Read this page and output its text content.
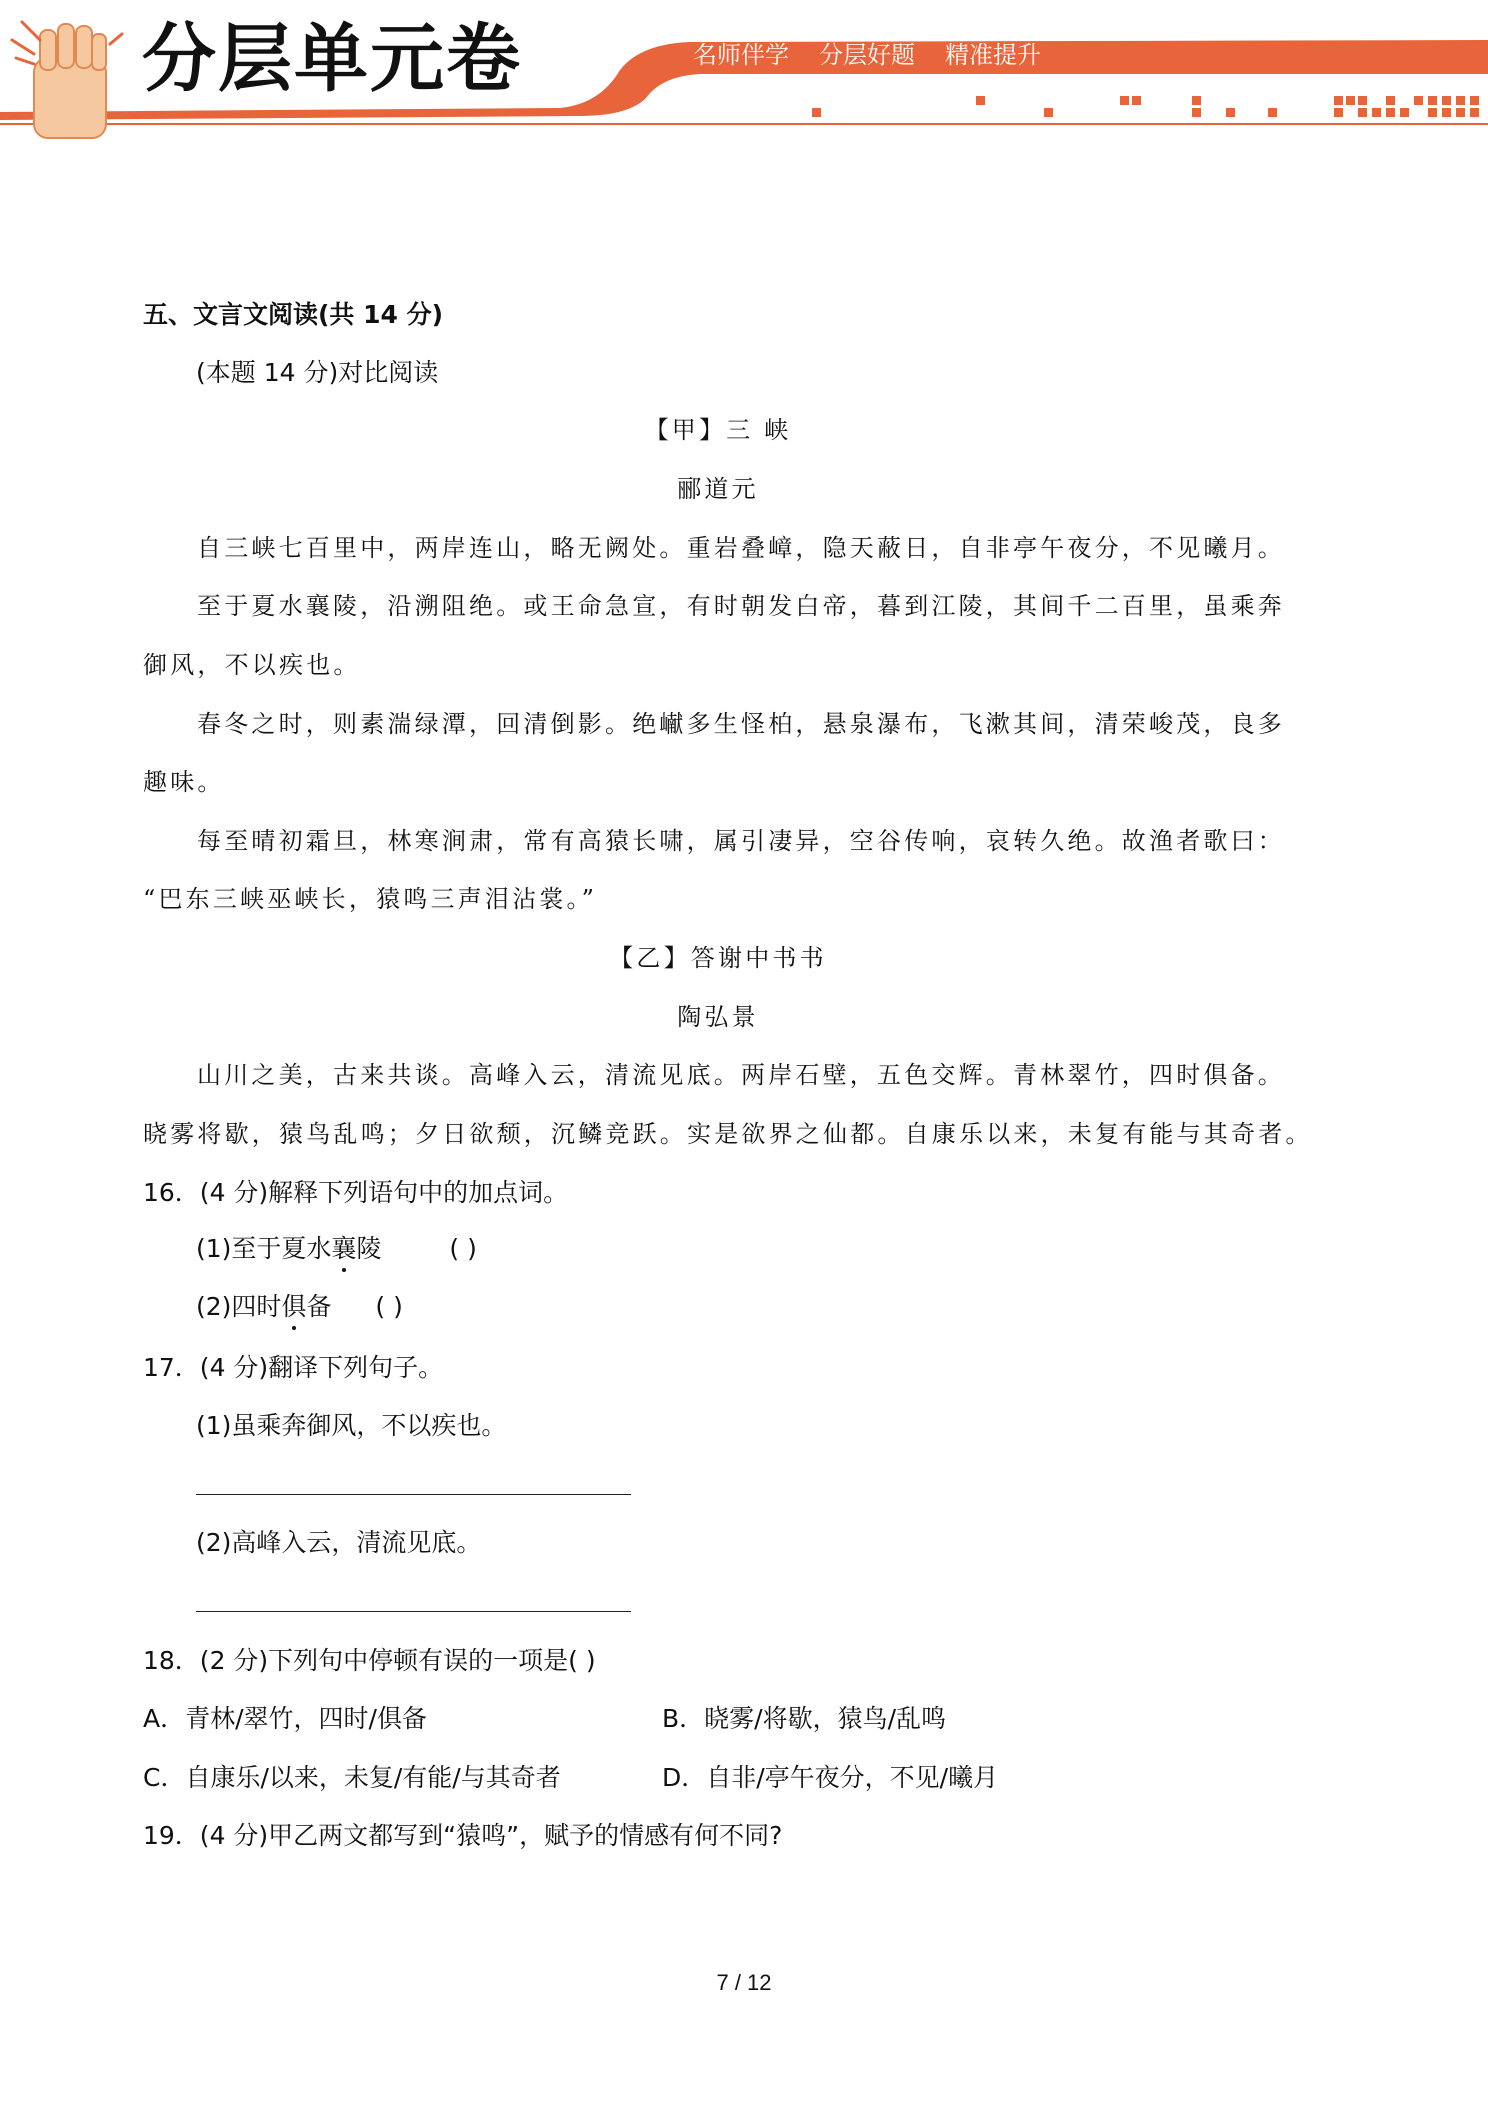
分层单元卷	名师伴学 分层好题 精准提升
五、文言文阅读(共 14 分)
(本题 14 分)对比阅读
【甲】三 峡
郦道元
自三峡七百里中，两岸连山，略无阙处。重岩叠嶂，隐天蔽日，自非亭午夜分，不见曦月。
至于夏水襄陵，沿溯阻绝。或王命急宣，有时朝发白帝，暮到江陵，其间千二百里，虽乘奔
御风，不以疾也。
春冬之时，则素湍绿潭，回清倒影。绝𪩘多生怪柏，悬泉瀑布，飞漱其间，清荣峻茂，良多
趣味。
每至晴初霜旦，林寒涧肃，常有高猿长啸，属引凄异，空谷传响，哀转久绝。故渔者歌曰：
“巴东三峡巫峡长，猿鸣三声泪沾裳。”
【乙】答谢中书书
陶弘景
山川之美，古来共谈。高峰入云，清流见底。两岸石壁，五色交辉。青林翠竹，四时俱备。
晓雾将歇，猿鸟乱鸣；夕日欲颓，沉鳞竞跃。实是欲界之仙都。自康乐以来，未复有能与其奇者。
16．(4 分)解释下列语句中的加点词。
(1)至于夏水襄陵	( )
(2)四时俱备 ( )
17．(4 分)翻译下列句子。
(1)虽乘奔御风，不以疾也。
(2)高峰入云，清流见底。
18．(2 分)下列句中停顿有误的一项是( )
A．青林/翠竹，四时/俱备	B．晓雾/将歇，猿鸟/乱鸣
C．自康乐/以来，未复/有能/与其奇者	D．自非/亭午夜分，不见/曦月
19．(4 分)甲乙两文都写到“猿鸣”，赋予的情感有何不同?
7 / 12
